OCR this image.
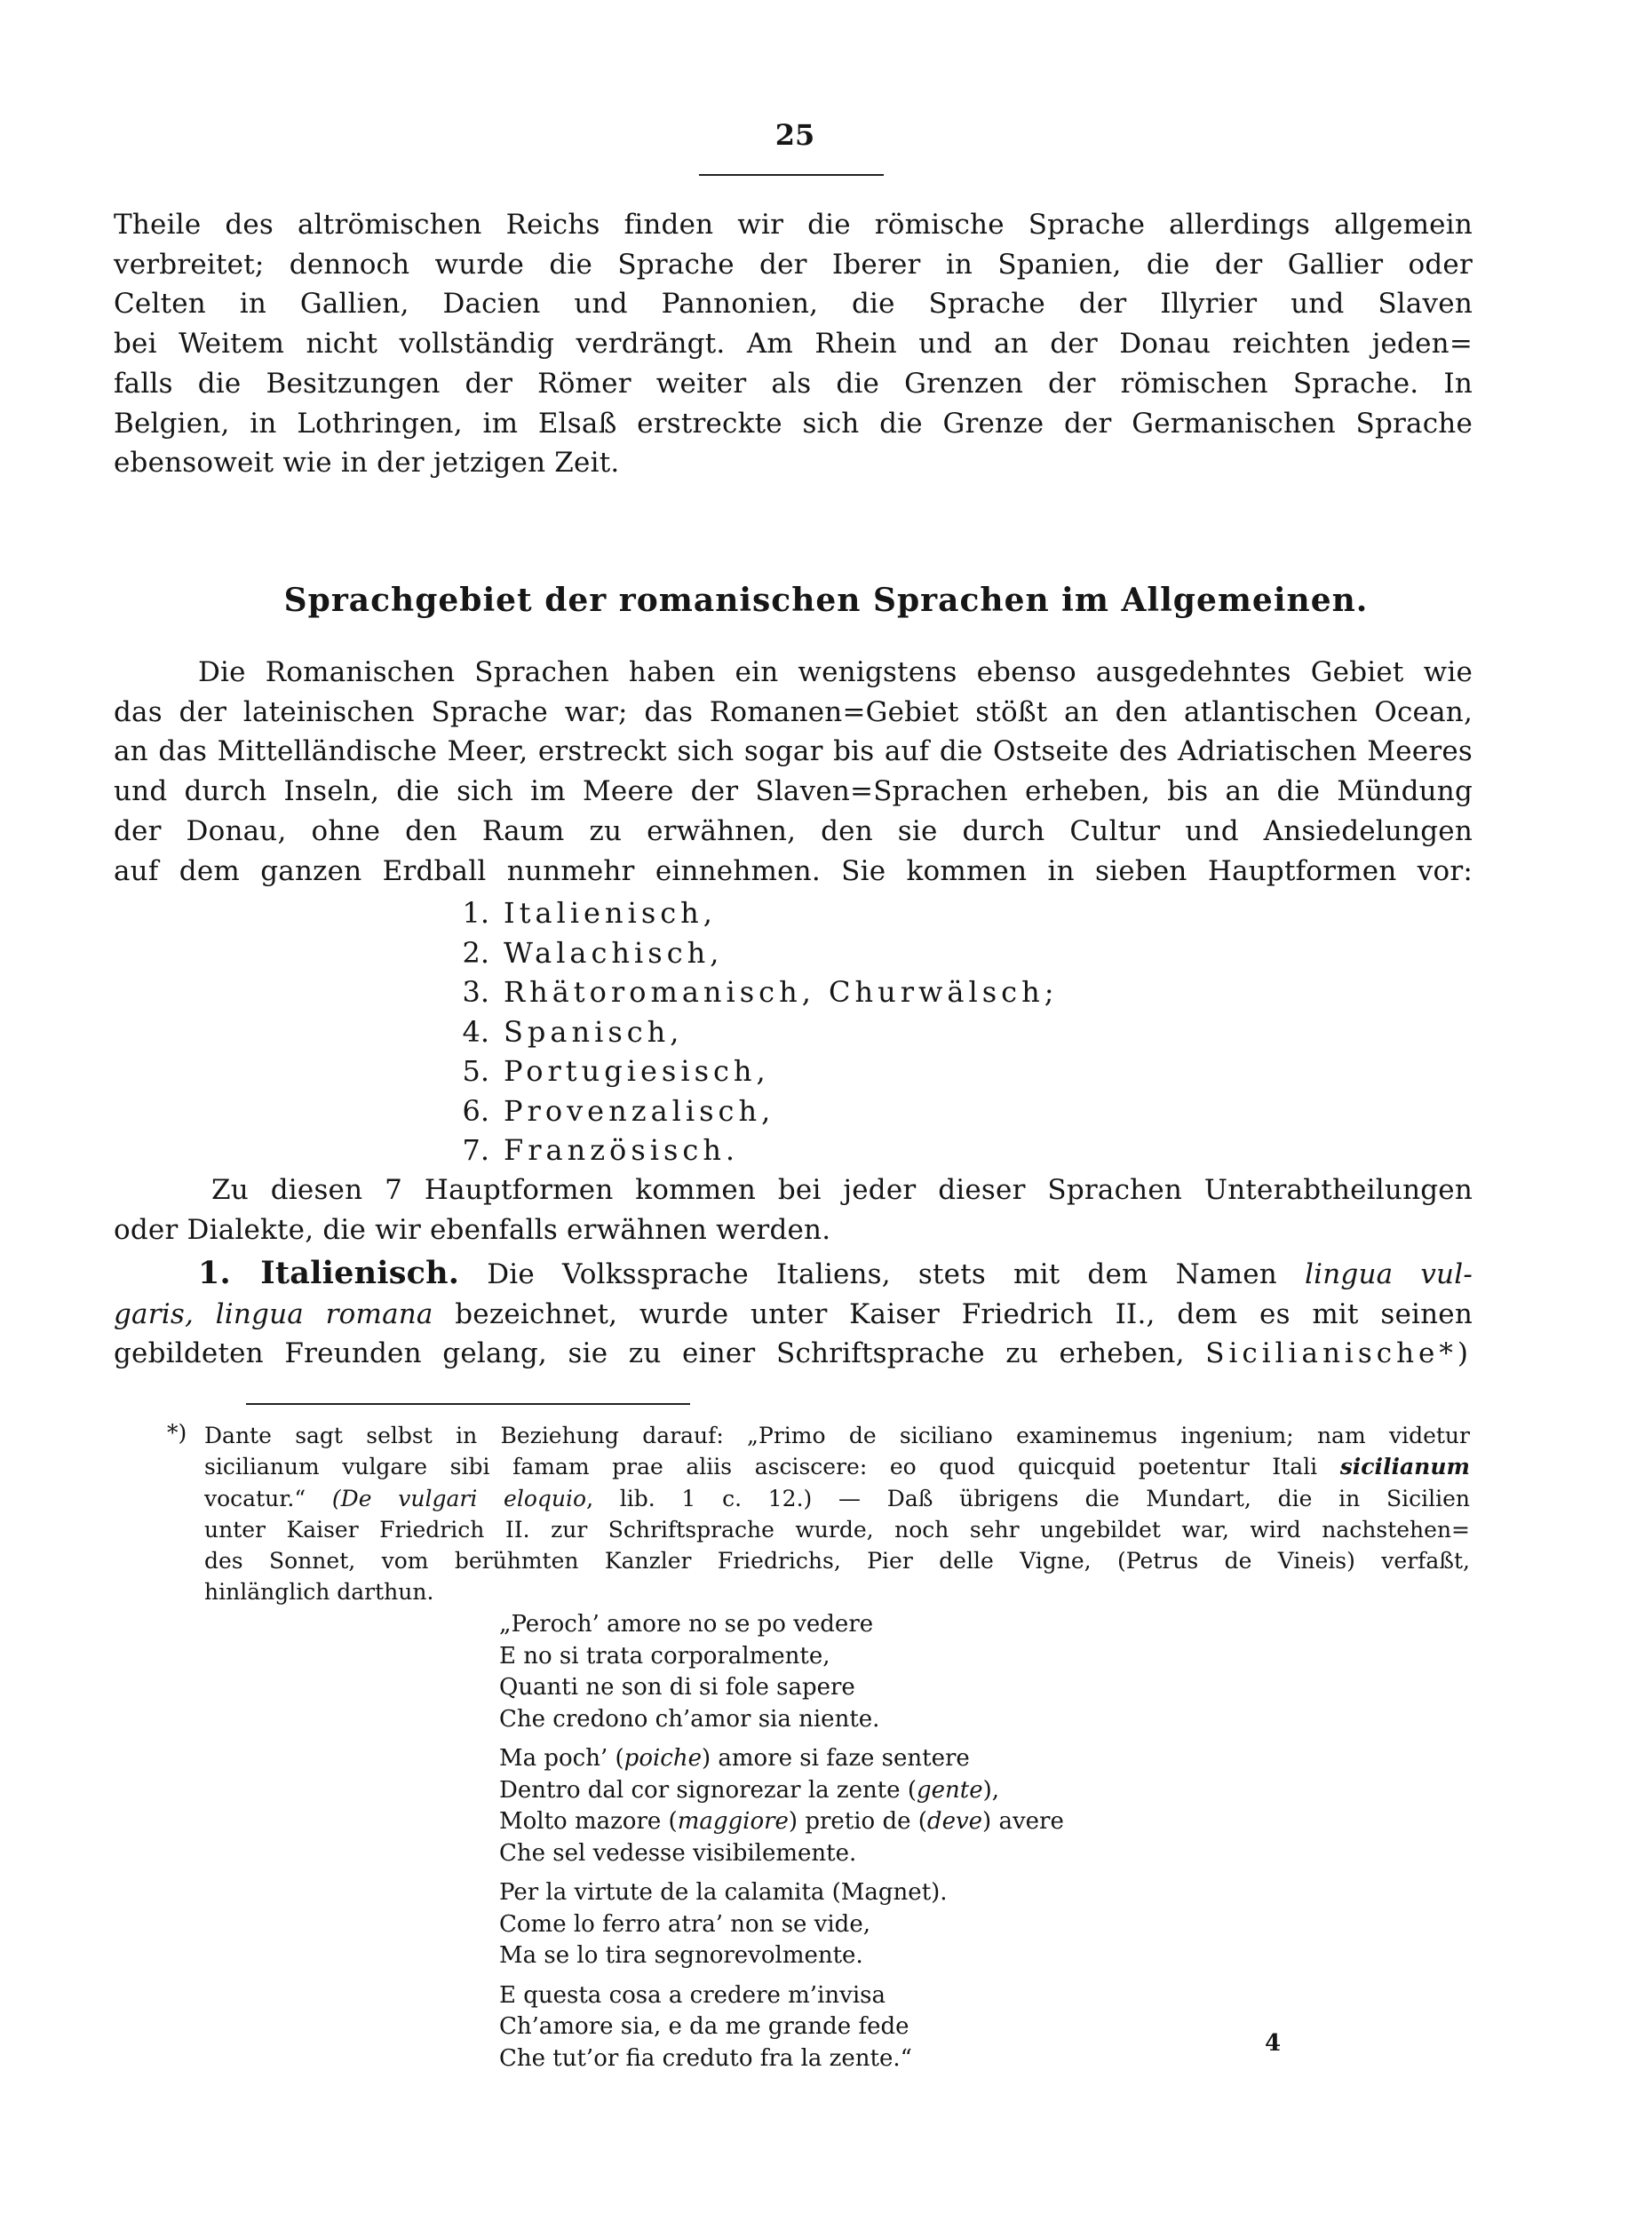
25
Theile des altrömischen Reichs finden wir die römische Sprache allerdings allgemein
verbreitet; dennoch wurde die Sprache der Iberer in Spanien, die der Gallier oder
Celten in Gallien, Dacien und Pannonien, die Sprache der Illyrier und Slaven
bei Weitem nicht vollständig verdrängt. Am Rhein und an der Donau reichten jeden=
falls die Besitzungen der Römer weiter als die Grenzen der römischen Sprache. In
Belgien, in Lothringen, im Elsaß erstreckte sich die Grenze der Germanischen Sprache
ebensoweit wie in der jetzigen Zeit.
Sprachgebiet der romanischen Sprachen im Allgemeinen.
Die Romanischen Sprachen haben ein wenigstens ebenso ausgedehntes Gebiet wie
das der lateinischen Sprache war; das Romanen=Gebiet stößt an den atlantischen Ocean,
an das Mittelländische Meer, erstreckt sich sogar bis auf die Ostseite des Adriatischen Meeres
und durch Inseln, die sich im Meere der Slaven=Sprachen erheben, bis an die Mündung
der Donau, ohne den Raum zu erwähnen, den sie durch Cultur und Ansiedelungen
auf dem ganzen Erdball nunmehr einnehmen. Sie kommen in sieben Hauptformen vor:
1. Italienisch,
2. Walachisch,
3. Rhätoromanisch, Churwälsch;
4. Spanisch,
5. Portugiesisch,
6. Provenzalisch,
7. Französisch.
Zu diesen 7 Hauptformen kommen bei jeder dieser Sprachen Unterabtheilungen
oder Dialekte, die wir ebenfalls erwähnen werden.
1. Italienisch. Die Volkssprache Italiens, stets mit dem Namen lingua vul-
garis, lingua romana bezeichnet, wurde unter Kaiser Friedrich II., dem es mit seinen
gebildeten Freunden gelang, sie zu einer Schriftsprache zu erheben, Sicilianische*)
*) Dante sagt selbst in Beziehung darauf: „Primo de siciliano examinemus ingenium; nam videtur
sicilianum vulgare sibi famam prae aliis asciscere: eo quod quicquid poetentur Itali sicilianum
vocatur.“ (De vulgari eloquio, lib. 1 c. 12.) — Daß übrigens die Mundart, die in Sicilien
unter Kaiser Friedrich II. zur Schriftsprache wurde, noch sehr ungebildet war, wird nachstehen=
des Sonnet, vom berühmten Kanzler Friedrichs, Pier delle Vigne, (Petrus de Vineis) verfaßt,
hinlänglich darthun.
„Peroch’ amore no se po vedere
E no si trata corporalmente,
Quanti ne son di si fole sapere
Che credono ch’amor sia niente.
Ma poch’ (poiche) amore si faze sentere
Dentro dal cor signorezar la zente (gente),
Molto mazore (maggiore) pretio de (deve) avere
Che sel vedesse visibilemente.
Per la virtute de la calamita (Magnet).
Come lo ferro atra’ non se vide,
Ma se lo tira segnorevolmente.
E questa cosa a credere m’invisa
Ch’amore sia, e da me grande fede
Che tut’or fia creduto fra la zente.“
4
